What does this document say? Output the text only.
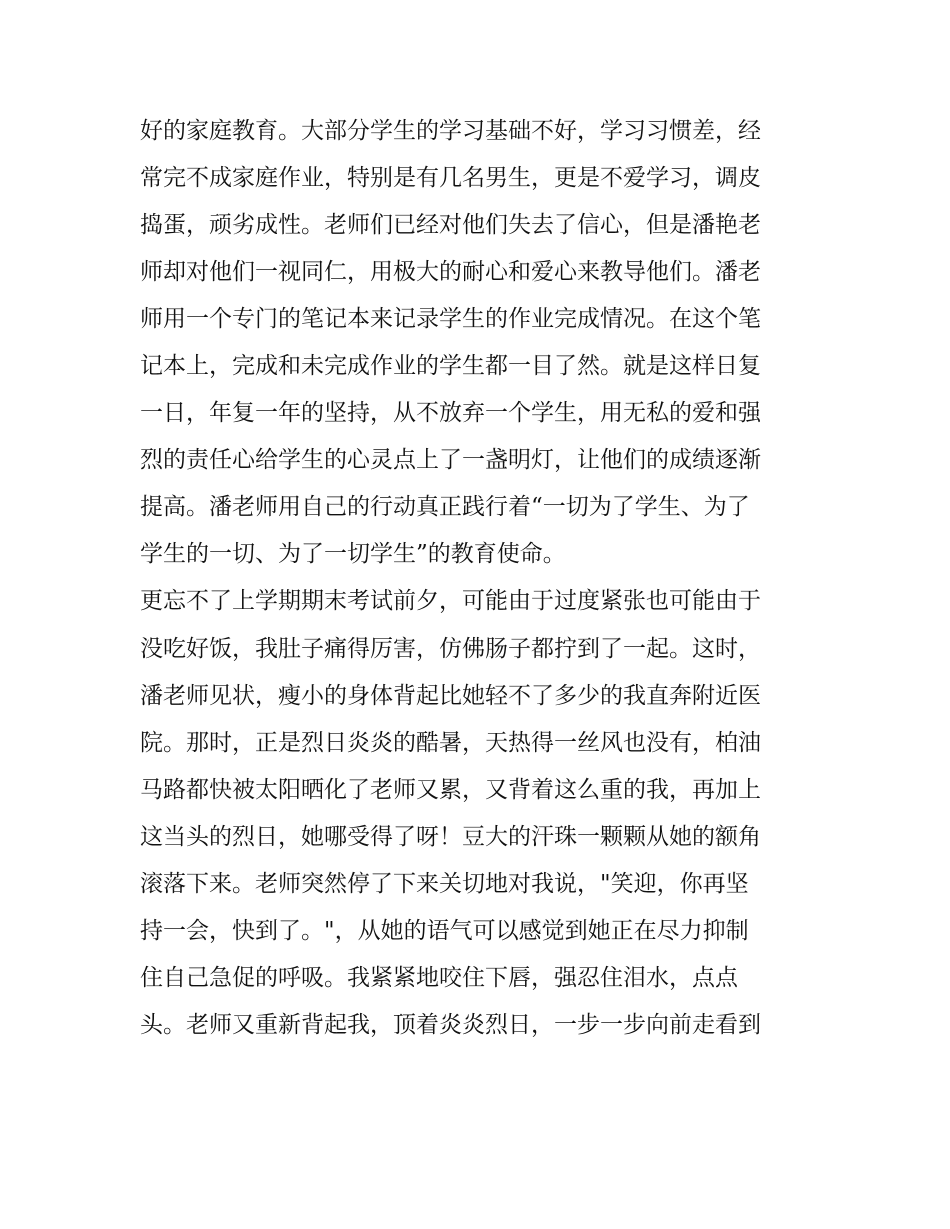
好的家庭教育。大部分学生的学习基础不好，学习习惯差，经
常完不成家庭作业，特别是有几名男生，更是不爱学习，调皮
捣蛋，顽劣成性。老师们已经对他们失去了信心，但是潘艳老
师却对他们一视同仁，用极大的耐心和爱心来教导他们。潘老
师用一个专门的笔记本来记录学生的作业完成情况。在这个笔
记本上，完成和未完成作业的学生都一目了然。就是这样日复
一日，年复一年的坚持，从不放弃一个学生，用无私的爱和强
烈的责任心给学生的心灵点上了一盏明灯，让他们的成绩逐渐
提高。潘老师用自己的行动真正践行着“一切为了学生、为了
学生的一切、为了一切学生”的教育使命。
更忘不了上学期期末考试前夕，可能由于过度紧张也可能由于
没吃好饭，我肚子痛得厉害，仿佛肠子都拧到了一起。这时，
潘老师见状，瘦小的身体背起比她轻不了多少的我直奔附近医
院。那时，正是烈日炎炎的酷暑，天热得一丝风也没有，柏油
马路都快被太阳晒化了老师又累，又背着这么重的我，再加上
这当头的烈日，她哪受得了呀！豆大的汗珠一颗颗从她的额角
滚落下来。老师突然停了下来关切地对我说，"笑迎，你再坚
持一会，快到了。"，从她的语气可以感觉到她正在尽力抑制
住自己急促的呼吸。我紧紧地咬住下唇，强忍住泪水，点点
头。老师又重新背起我，顶着炎炎烈日，一步一步向前走看到
